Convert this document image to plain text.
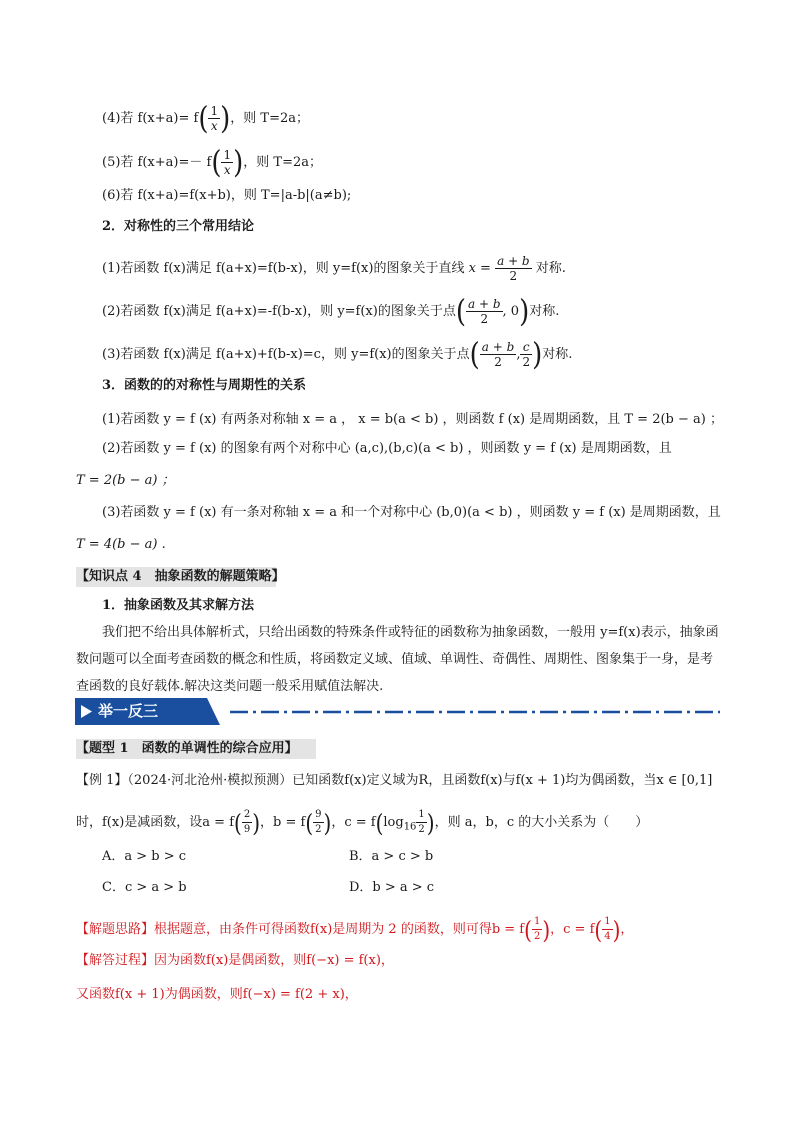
(4)若 $f(x+a)= f( \frac{1}{x}$ )，则 T=2a；
(5)若 $f(x+a)=- f( \frac{1}{x}$ )，则 T=2a；
(6)若 f(x+a)=f(x+b)，则 T=|a-b|(a≠b);
2．对称性的三个常用结论
(1)若函数 f(x)满足 f(a+x)=f(b-x)，则 y=f(x)的图象关于直线 $x = \frac{a + b}{2}$ 对称.
(2)若函数 f(x)满足 f(a+x)=-f(b-x)，则 y=f(x)的图象关于点( $\frac{a + b}{2}$ , 0)对称.
(3)若函数 f(x)满足 f(a+x)+f(b-x)=c，则 y=f(x)的图象关于点( $\frac{a + b}{2}$ , $\frac{c}{2}$ )对称.
3．函数的的对称性与周期性的关系
(1)若函数 y = f (x) 有两条对称轴 x = a ， x = b(a < b) ，则函数 f (x) 是周期函数，且 T = 2(b − a) ；
(2)若函数 y = f (x) 的图象有两个对称中心 (a,c),(b,c)(a < b) ，则函数 y = f (x) 是周期函数，且
T = 2(b − a) ；
(3)若函数 y = f (x) 有一条对称轴 x = a 和一个对称中心 (b,0)(a < b) ，则函数 y = f (x) 是周期函数，且
T = 4(b − a) .
【知识点 4　抽象函数的解题策略】
1．抽象函数及其求解方法
我们把不给出具体解析式，只给出函数的特殊条件或特征的函数称为抽象函数，一般用 y=f(x)表示，抽象函数问题可以全面考查函数的概念和性质，将函数定义域、值域、单调性、奇偶性、周期性、图象集于一身，是考查函数的良好载体.解决这类问题一般采用赋值法解决.
举一反三
【题型 1　函数的单调性的综合应用】
【例 1】（2024·河北沧州·模拟预测）已知函数f(x)定义域为R，且函数f(x)与f(x + 1)均为偶函数，当x ∈ [0,1]
时，f(x)是减函数，设$a = f( \frac{2}{9}$ )，$b = f( \frac{9}{2}$ )，$c = f(\log_{16} \frac{1}{2}$ )，则 a，b，c 的大小关系为（　　）
A．a > b > c	B．a > c > b
C．c > a > b	D．b > a > c
【解题思路】根据题意，由条件可得函数f(x)是周期为 2 的函数，则可得$b = f( \frac{1}{2}$ )，$c = f( \frac{1}{4}$ )，
【解答过程】因为函数f(x)是偶函数，则f(−x) = f(x)，
又函数f(x + 1)为偶函数，则f(−x) = f(2 + x)，
